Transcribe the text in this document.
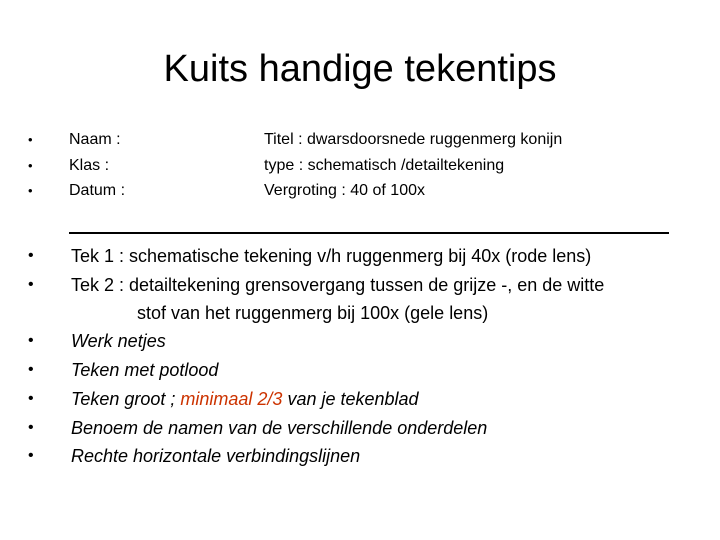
Kuits handige tekentips
• Naam :	Titel : dwarsdoorsnede ruggenmerg konijn
• Klas :	type : schematisch /detailtekening
• Datum :	Vergroting : 40 of 100x
• Tek 1 : schematische tekening v/h ruggenmerg bij 40x (rode lens)
• Tek 2 : detailtekening grensovergang tussen de grijze -, en de witte
stof van het ruggenmerg bij 100x (gele lens)
• Werk netjes
• Teken met potlood
• Teken groot ; minimaal 2/3 van je tekenblad
• Benoem de namen van de verschillende onderdelen
• Rechte horizontale verbindingslijnen
